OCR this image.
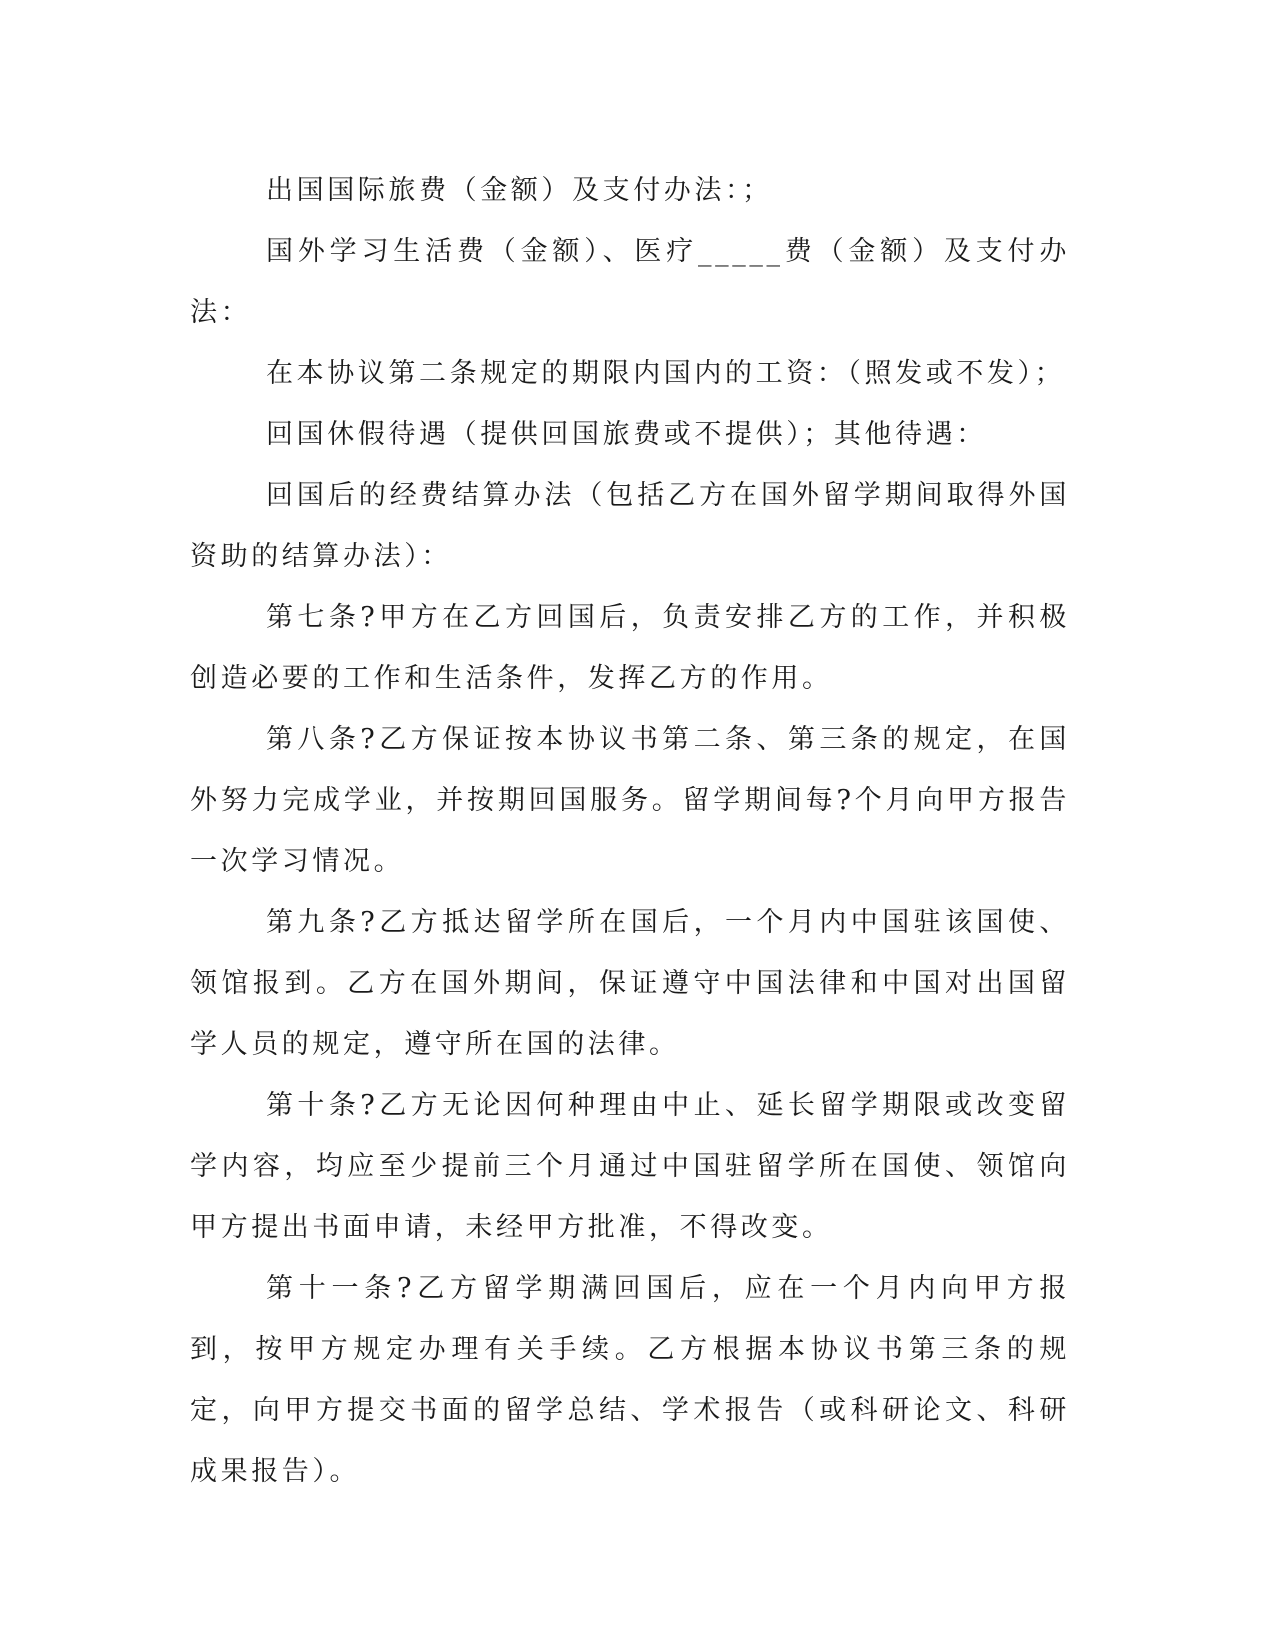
出国国际旅费（金额）及支付办法：；

国外学习生活费（金额）、医疗_____费（金额）及支付办法：

在本协议第二条规定的期限内国内的工资：（照发或不发）；

回国休假待遇（提供回国旅费或不提供）；其他待遇：

回国后的经费结算办法（包括乙方在国外留学期间取得外国资助的结算办法）：

第七条?甲方在乙方回国后，负责安排乙方的工作，并积极创造必要的工作和生活条件，发挥乙方的作用。

第八条?乙方保证按本协议书第二条、第三条的规定，在国外努力完成学业，并按期回国服务。留学期间每?个月向甲方报告一次学习情况。

第九条?乙方抵达留学所在国后，一个月内中国驻该国使、领馆报到。乙方在国外期间，保证遵守中国法律和中国对出国留学人员的规定，遵守所在国的法律。

第十条?乙方无论因何种理由中止、延长留学期限或改变留学内容，均应至少提前三个月通过中国驻留学所在国使、领馆向甲方提出书面申请，未经甲方批准，不得改变。

第十一条?乙方留学期满回国后，应在一个月内向甲方报到，按甲方规定办理有关手续。乙方根据本协议书第三条的规定，向甲方提交书面的留学总结、学术报告（或科研论文、科研成果报告）。
